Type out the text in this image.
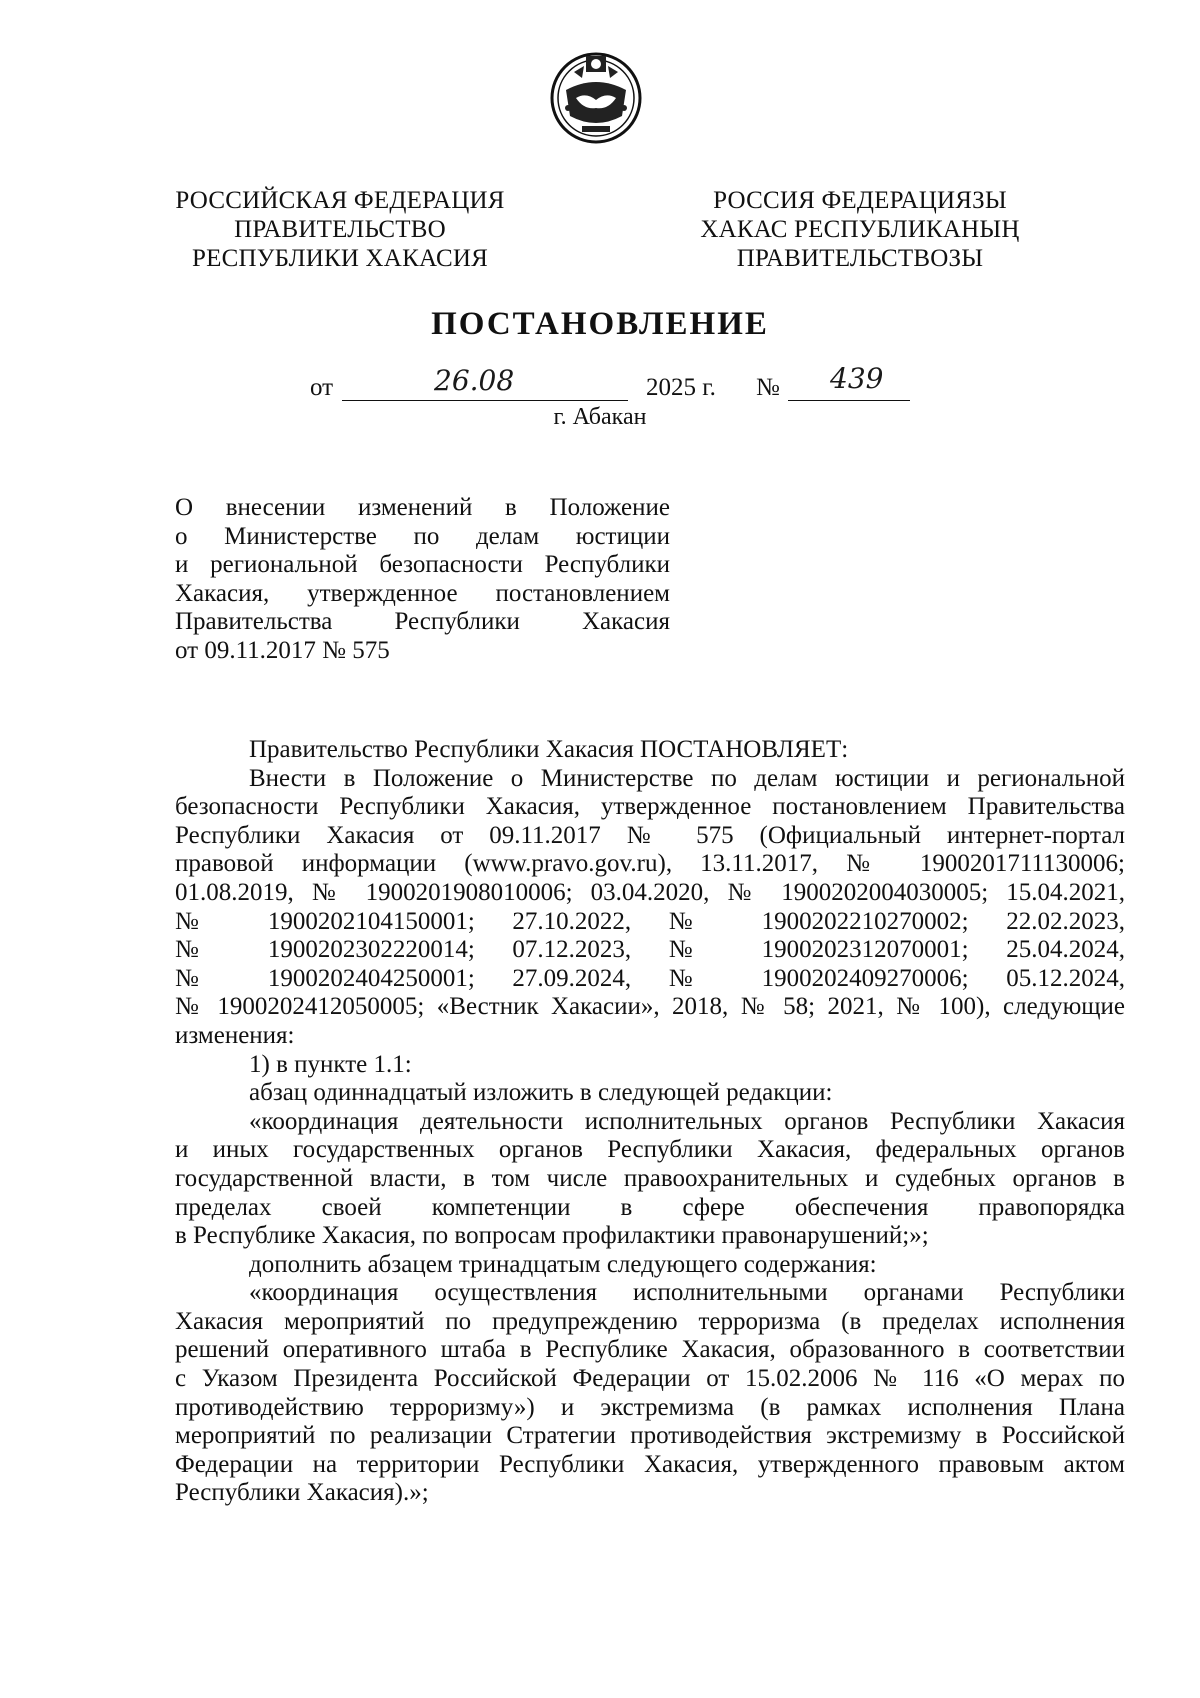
РОССИЙСКАЯ ФЕДЕРАЦИЯ
ПРАВИТЕЛЬСТВО
РЕСПУБЛИКИ ХАКАСИЯ
РОССИЯ ФЕДЕРАЦИЯЗЫ
ХАКАС РЕСПУБЛИКАНЫҢ
ПРАВИТЕЛЬСТВОЗЫ
ПОСТАНОВЛЕНИЕ
от	26.08	2025 г. № 439
г. Абакан
О внесении изменений в Положение
о Министерстве по делам юстиции
и региональной безопасности Республики
Хакасия, утвержденное постановлением
Правительства Республики Хакасия
от 09.11.2017 № 575
Правительство Республики Хакасия ПОСТАНОВЛЯЕТ:
Внести в Положение о Министерстве по делам юстиции и региональной
безопасности Республики Хакасия, утвержденное постановлением Правительства
Республики Хакасия от 09.11.2017 № 575 (Официальный интернет-портал
правовой информации (www.pravo.gov.ru), 13.11.2017, № 1900201711130006;
01.08.2019, № 1900201908010006; 03.04.2020, № 1900202004030005; 15.04.2021,
№ 1900202104150001; 27.10.2022, № 1900202210270002; 22.02.2023,
№ 1900202302220014; 07.12.2023, № 1900202312070001; 25.04.2024,
№ 1900202404250001; 27.09.2024, № 1900202409270006; 05.12.2024,
№ 1900202412050005; «Вестник Хакасии», 2018, № 58; 2021, № 100), следующие
изменения:
1) в пункте 1.1:
абзац одиннадцатый изложить в следующей редакции:
«координация деятельности исполнительных органов Республики Хакасия
и иных государственных органов Республики Хакасия, федеральных органов
государственной власти, в том числе правоохранительных и судебных органов в
пределах своей компетенции в сфере обеспечения правопорядка
в Республике Хакасия, по вопросам профилактики правонарушений;»;
дополнить абзацем тринадцатым следующего содержания:
«координация осуществления исполнительными органами Республики
Хакасия мероприятий по предупреждению терроризма (в пределах исполнения
решений оперативного штаба в Республике Хакасия, образованного в соответствии
с Указом Президента Российской Федерации от 15.02.2006 № 116 «О мерах по
противодействию терроризму») и экстремизма (в рамках исполнения Плана
мероприятий по реализации Стратегии противодействия экстремизму в Российской
Федерации на территории Республики Хакасия, утвержденного правовым актом
Республики Хакасия).»;
